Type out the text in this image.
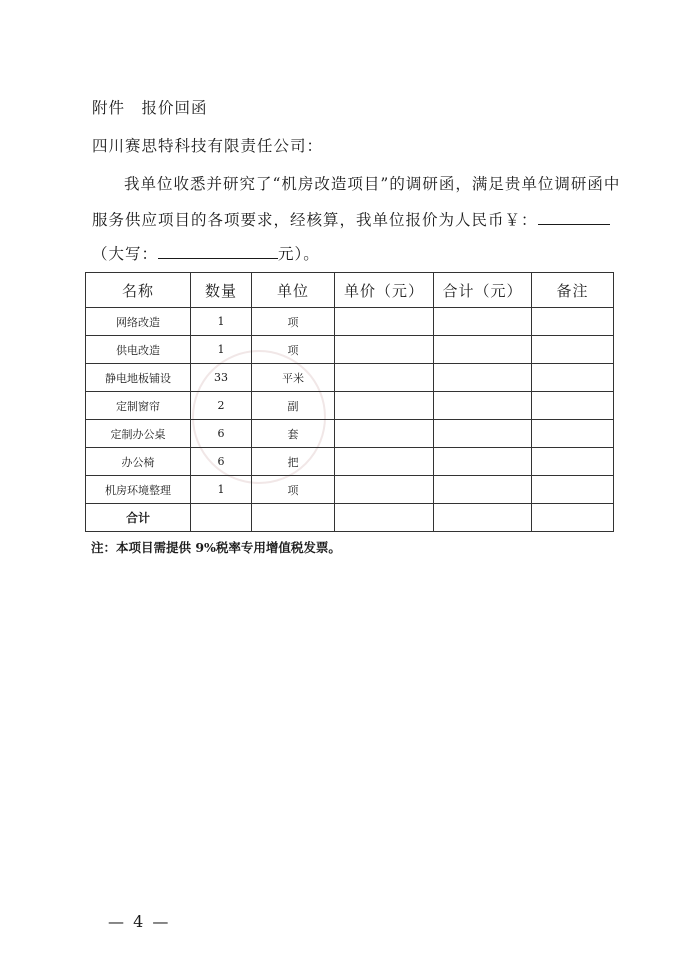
附件　报价回函
四川赛思特科技有限责任公司：
我单位收悉并研究了“机房改造项目”的调研函，满足贵单位调研函中
服务供应项目的各项要求，经核算，我单位报价为人民币￥：
（大写：	元）。
名称	数量	单位	单价（元）	合计（元）	备注
网络改造	1	项			
供电改造	1	项			
静电地板铺设	33	平米			
定制窗帘	2	副			
定制办公桌	6	套			
办公椅	6	把			
机房环境整理	1	项			
合计					
注：本项目需提供 9%税率专用增值税发票。
— 4 —
